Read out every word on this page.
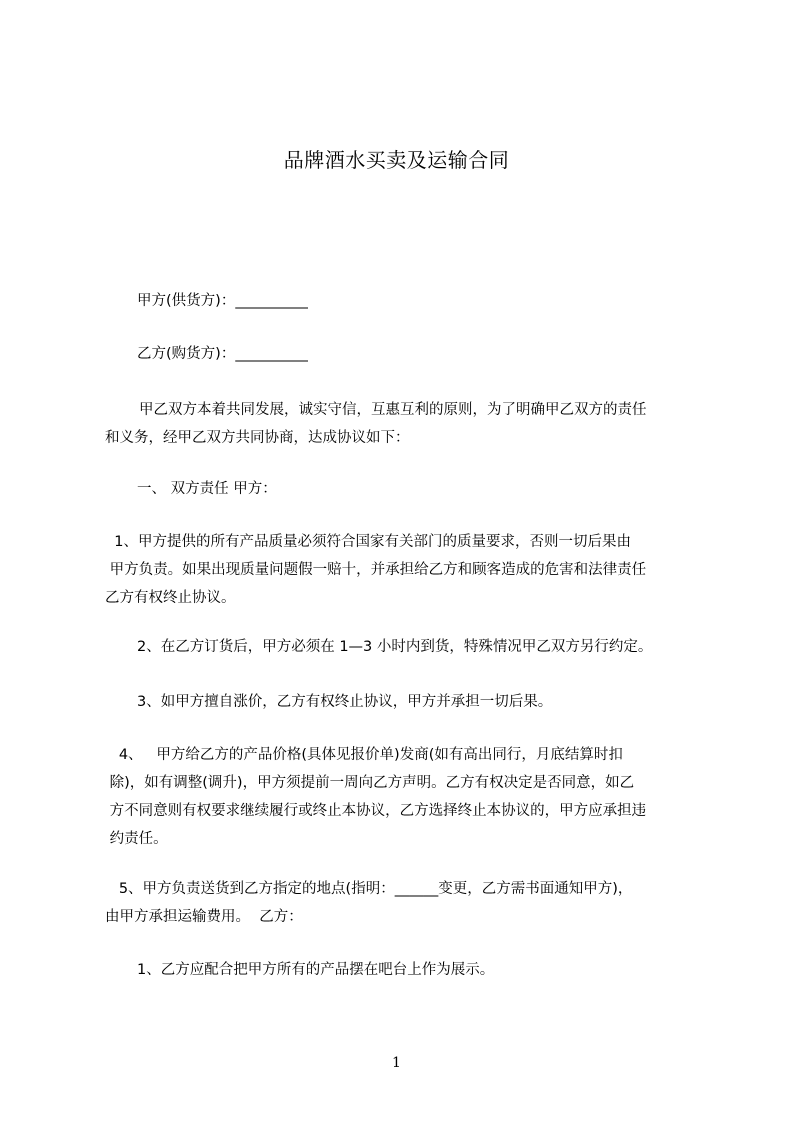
品牌酒水买卖及运输合同
甲方(供货方)：__________
乙方(购货方)：__________

甲乙双方本着共同发展，诚实守信，互惠互利的原则，为了明确甲乙双方的责任

和义务，经甲乙双方共同协商，达成协议如下：

一、 双方责任 甲方：

1、甲方提供的所有产品质量必须符合国家有关部门的质量要求，否则一切后果由

甲方负责。如果出现质量问题假一赔十，并承担给乙方和顾客造成的危害和法律责任

乙方有权终止协议。

2、在乙方订货后，甲方必须在 1—3 小时内到货，特殊情况甲乙双方另行约定。
3、如甲方擅自涨价，乙方有权终止协议，甲方并承担一切后果。

4、   甲方给乙方的产品价格(具体见报价单)发商(如有高出同行，月底结算时扣

除)，如有调整(调升)，甲方须提前一周向乙方声明。乙方有权决定是否同意，如乙

方不同意则有权要求继续履行或终止本协议，乙方选择终止本协议的，甲方应承担违

约责任。

5、甲方负责送货到乙方指定的地点(指明：______变更，乙方需书面通知甲方)，

由甲方承担运输费用。  乙方：

1、乙方应配合把甲方所有的产品摆在吧台上作为展示。
1
